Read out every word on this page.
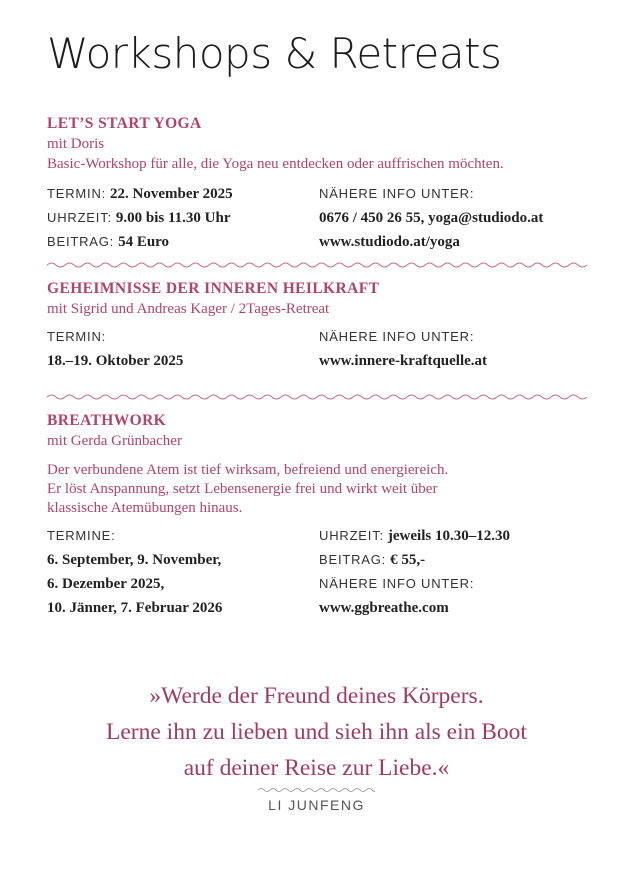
Workshops & Retreats

LET’S START YOGA

mit Doris

Basic-Workshop für alle, die Yoga neu entdecken oder auffrischen möchten.

TERMIN: 22. November 2025	NÄHERE INFO UNTER:
UHRZEIT: 9.00 bis 11.30 Uhr	0676 / 450 26 55, yoga@studiodo.at
BEITRAG: 54 Euro	www.studiodo.at/yoga

GEHEIMNISSE DER INNEREN HEILKRAFT

mit Sigrid und Andreas Kager / 2Tages-Retreat

TERMIN:	NÄHERE INFO UNTER:
18.–19. Oktober 2025	www.innere-kraftquelle.at

BREATHWORK

mit Gerda Grünbacher

Der verbundene Atem ist tief wirksam, befreiend und energiereich.

Er löst Anspannung, setzt Lebensenergie frei und wirkt weit über

klassische Atemübungen hinaus.

TERMINE:	UHRZEIT: jeweils 10.30–12.30
6. September, 9. November,	BEITRAG: € 55,-
6. Dezember 2025,	NÄHERE INFO UNTER:
10. Jänner, 7. Februar 2026	www.ggbreathe.com
»Werde der Freund deines Körpers.
Lerne ihn zu lieben und sieh ihn als ein Boot
auf deiner Reise zur Liebe.«
LI JUNFENG
